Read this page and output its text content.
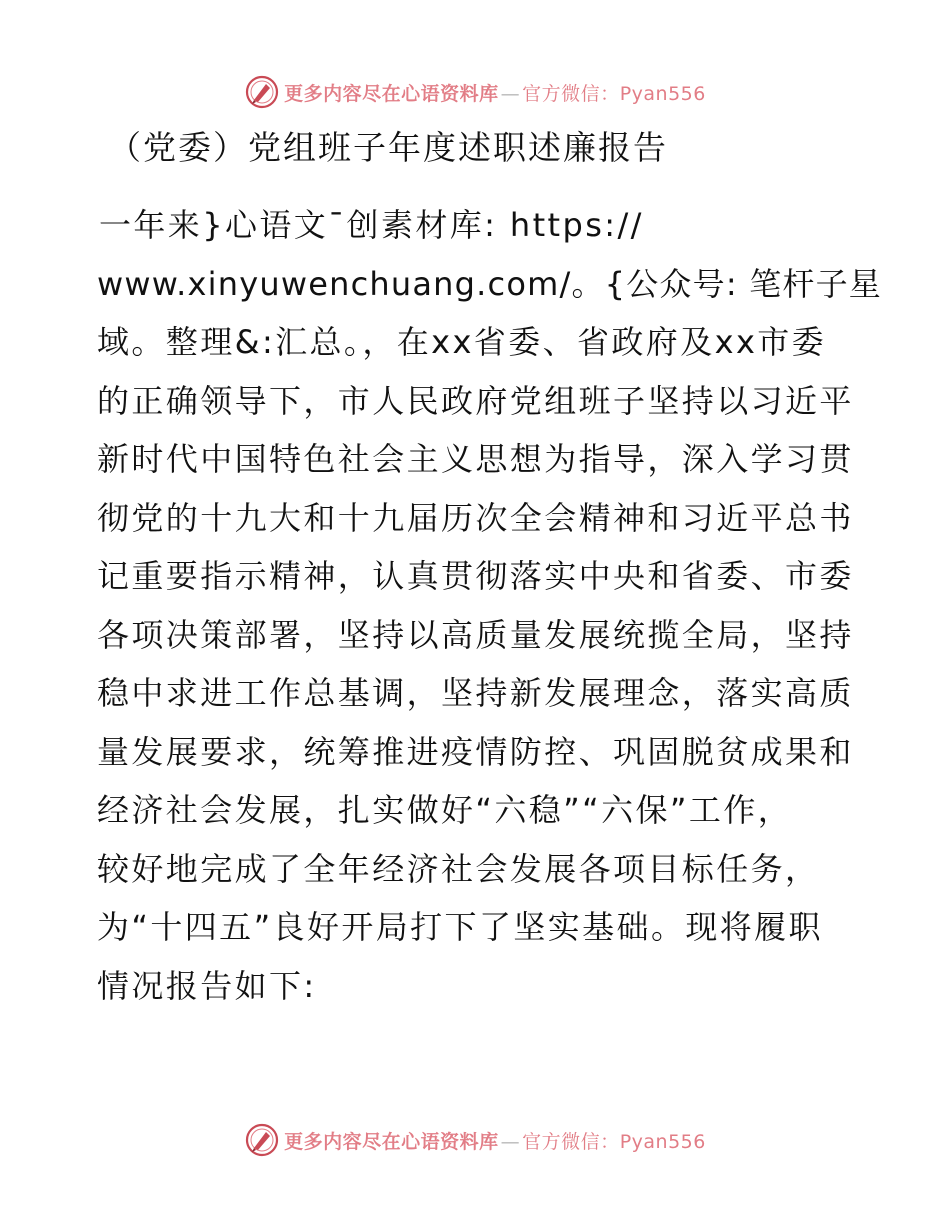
更多内容尽在心语资料库 — 官方微信：Pyan556
（党委）党组班子年度述职述廉报告
一年来}心语文¯创素材库: https://
www.xinyuwenchuang.com/。{公众号: 笔杆子星
域。整理&:汇总。，在xx省委、省政府及xx市委
的正确领导下，市人民政府党组班子坚持以习近平
新时代中国特色社会主义思想为指导，深入学习贯
彻党的十九大和十九届历次全会精神和习近平总书
记重要指示精神，认真贯彻落实中央和省委、市委
各项决策部署，坚持以高质量发展统揽全局，坚持
稳中求进工作总基调，坚持新发展理念，落实高质
量发展要求，统筹推进疫情防控、巩固脱贫成果和
经济社会发展，扎实做好“六稳”“六保”工作，
较好地完成了全年经济社会发展各项目标任务，
为“十四五”良好开局打下了坚实基础。现将履职
情况报告如下:
更多内容尽在心语资料库 — 官方微信：Pyan556
